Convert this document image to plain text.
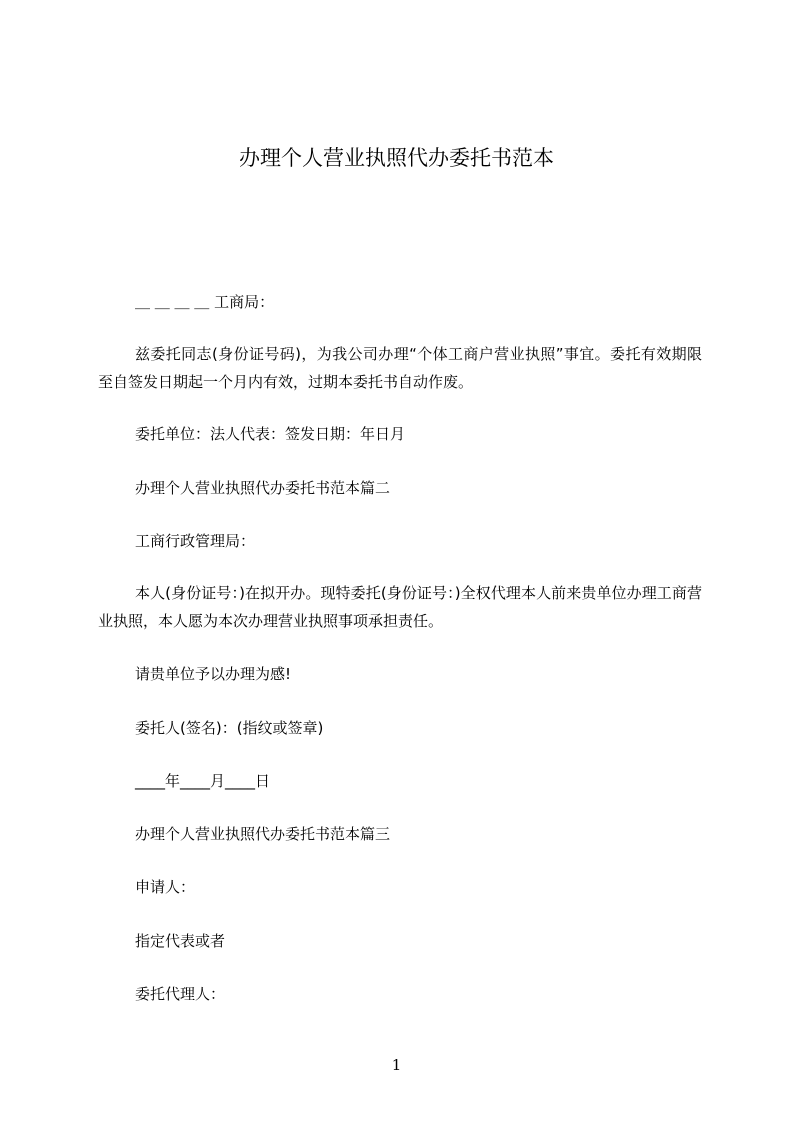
办理个人营业执照代办委托书范本
＿ ＿ ＿ ＿ 工商局：
兹委托同志(身份证号码)，为我公司办理“个体工商户营业执照”事宜。委托有效期限至自签发日期起一个月内有效，过期本委托书自动作废。
委托单位：法人代表：签发日期：年日月
办理个人营业执照代办委托书范本篇二
工商行政管理局：
本人(身份证号：)在拟开办。现特委托(身份证号：)全权代理本人前来贵单位办理工商营业执照，本人愿为本次办理营业执照事项承担责任。
请贵单位予以办理为感!
委托人(签名)：(指纹或签章)
____年____月____日
办理个人营业执照代办委托书范本篇三
申请人：
指定代表或者
委托代理人：
1
